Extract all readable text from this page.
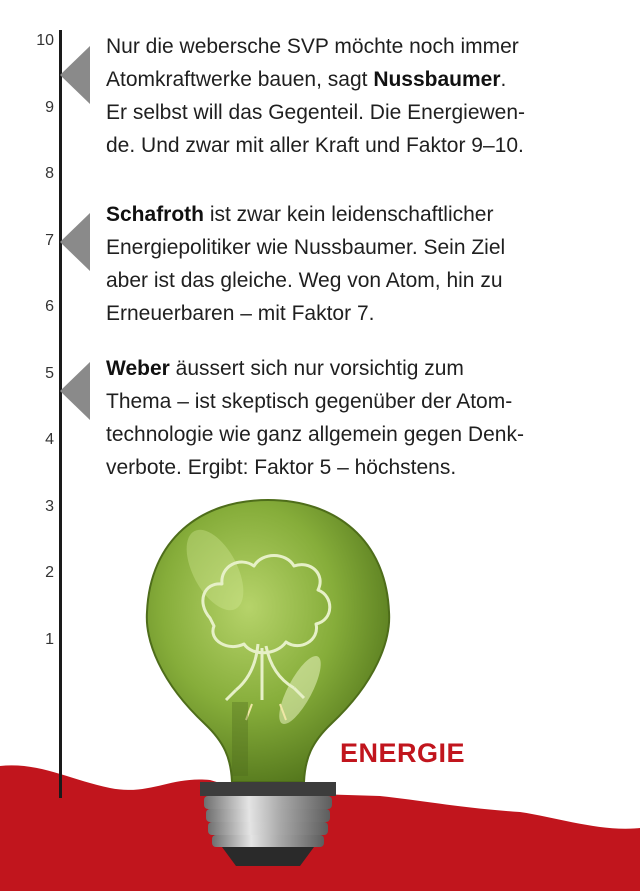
10
9
8
7
6
5
4
3
2
1
Nur die webersche SVP möchte noch immer
Atomkraftwerke bauen, sagt Nussbaumer.
Er selbst will das Gegenteil. Die Energiewen-
de. Und zwar mit aller Kraft und Faktor 9–10.
Schafroth ist zwar kein leidenschaftlicher
Energiepolitiker wie Nussbaumer. Sein Ziel
aber ist das gleiche. Weg von Atom, hin zu
Erneuerbaren – mit Faktor 7.
Weber äussert sich nur vorsichtig zum
Thema – ist skeptisch gegenüber der Atom-
technologie wie ganz allgemein gegen Denk-
verbote. Ergibt: Faktor 5 – höchstens.
ENERGIE
